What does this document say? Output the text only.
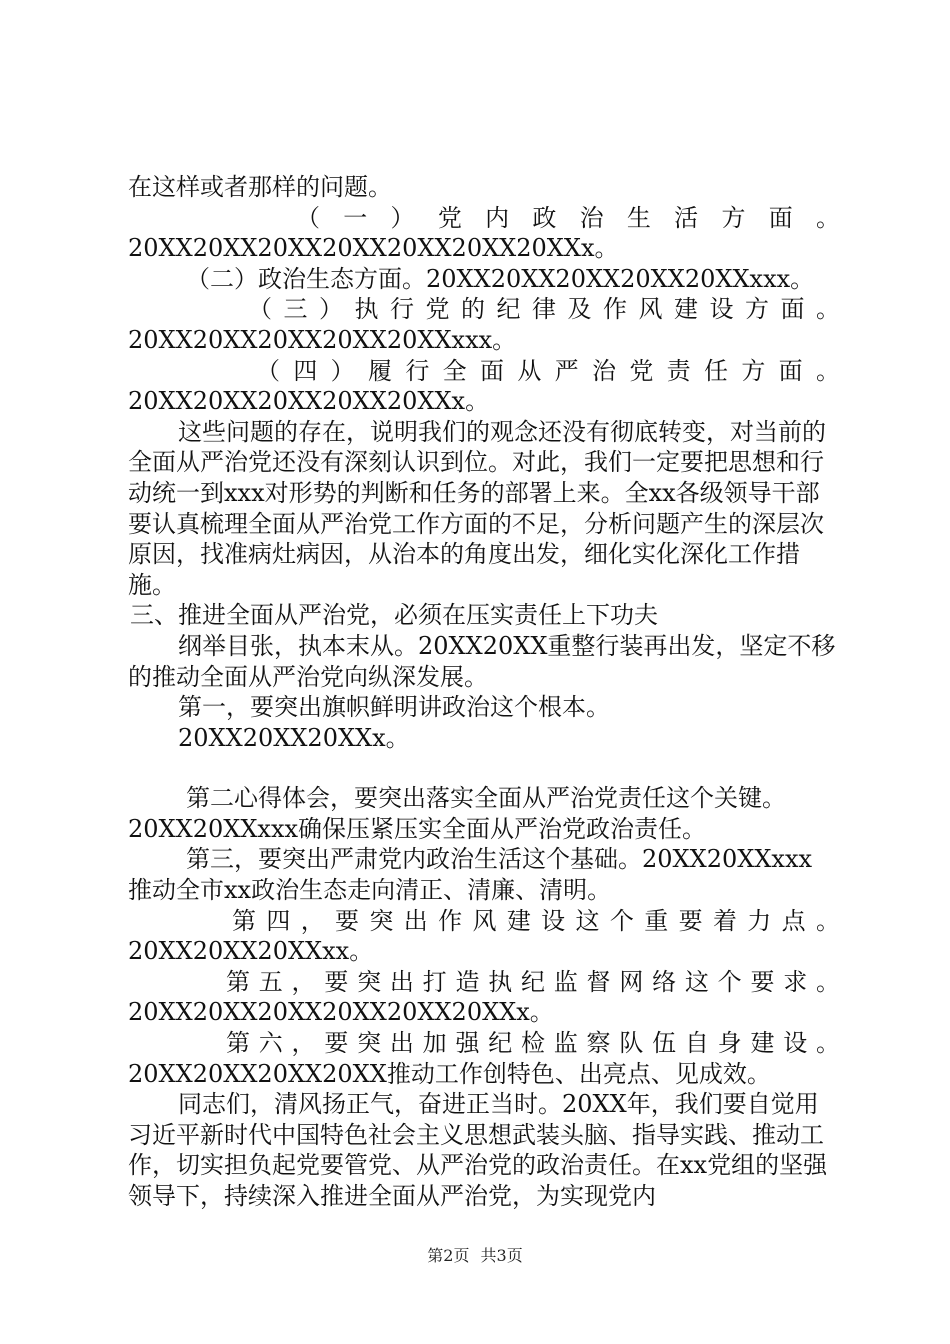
在这样或者那样的问题。

（一）党内政治生活方面。

20XX20XX20XX20XX20XX20XX20XXx。

（二）政治生态方面。20XX20XX20XX20XX20XXxxx。

（三）执行党的纪律及作风建设方面。

20XX20XX20XX20XX20XXxxx。

（四）履行全面从严治党责任方面。

20XX20XX20XX20XX20XXx。

这些问题的存在，说明我们的观念还没有彻底转变，对当前的全面从严治党还没有深刻认识到位。对此，我们一定要把思想和行动统一到xxx对形势的判断和任务的部署上来。全xx各级领导干部要认真梳理全面从严治党工作方面的不足，分析问题产生的深层次原因，找准病灶病因，从治本的角度出发，细化实化深化工作措施。

三、推进全面从严治党，必须在压实责任上下功夫

纲举目张，执本末从。20XX20XX重整行装再出发，坚定不移的推动全面从严治党向纵深发展。

第一，要突出旗帜鲜明讲政治这个根本。20XX20XX20XXx。

第二心得体会，要突出落实全面从严治党责任这个关键。

20XX20XXxxx确保压紧压实全面从严治党政治责任。

第三，要突出严肃党内政治生活这个基础。20XX20XXxxx

推动全市xx政治生态走向清正、清廉、清明。

第四，要突出作风建设这个重要着力点。

20XX20XX20XXxx。

第五，要突出打造执纪监督网络这个要求。

20XX20XX20XX20XX20XX20XXx。

第六，要突出加强纪检监察队伍自身建设。

20XX20XX20XX20XX推动工作创特色、出亮点、见成效。

同志们，清风扬正气，奋进正当时。20XX年，我们要自觉用习近平新时代中国特色社会主义思想武装头脑、指导实践、推动工作，切实担负起党要管党、从严治党的政治责任。在xx党组的坚强领导下，持续深入推进全面从严治党，为实现党内

第2页 共3页
